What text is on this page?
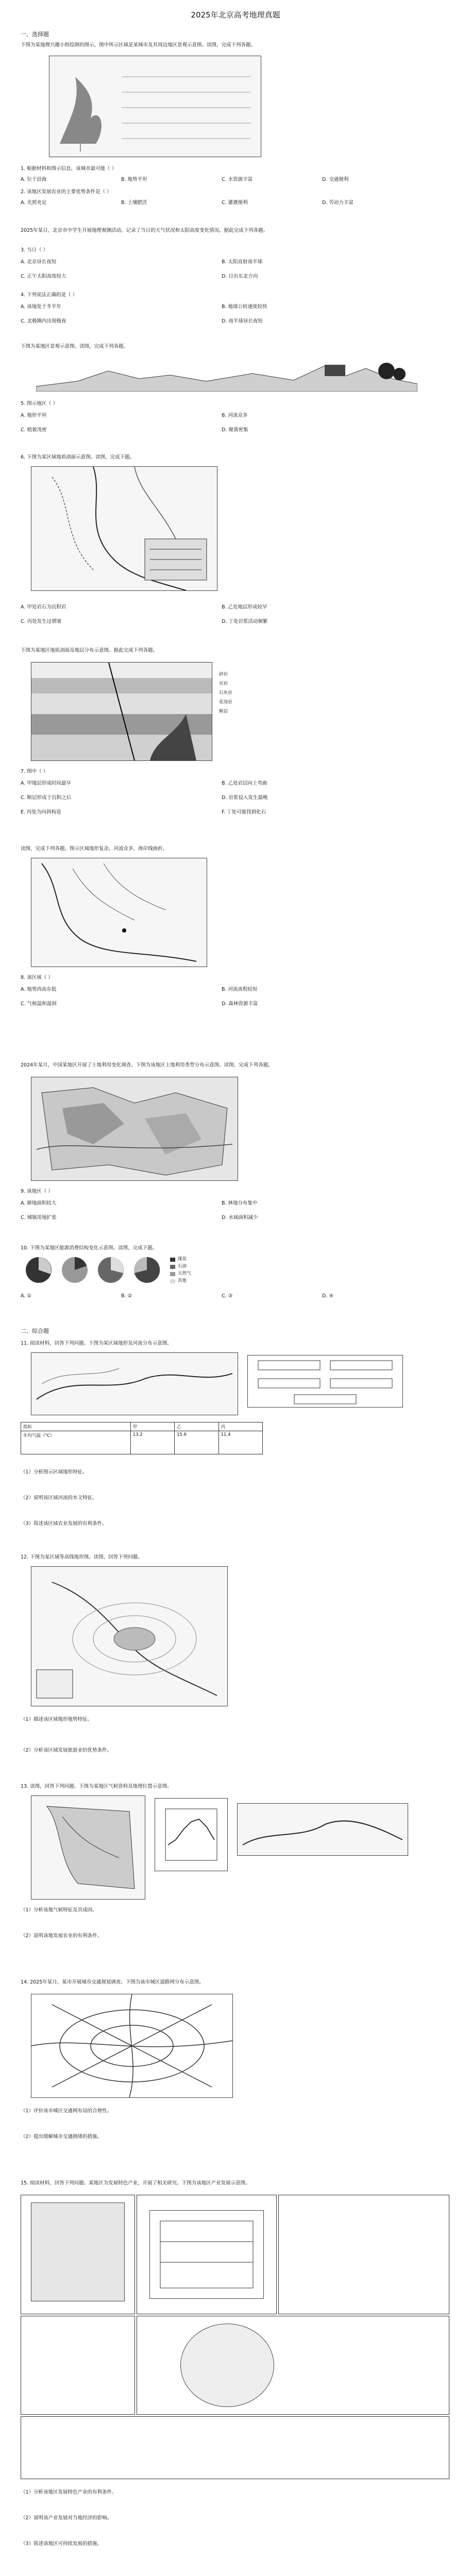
2025年北京高考地理真题
一、选择题
下图为某地理兴趣小组绘制的图示，图中所示区域是某城市及其周边地区景观示意图。读图，完成下列各题。
1. 根据材料和图示信息，该城市最可能（ ）
A. 位于沿海	B. 地势平坦	C. 水资源丰富	D. 交通便利
2. 该地区发展农业的主要优势条件是（ ）
A. 光照充足	B. 土壤肥沃	C. 灌溉便利	D. 劳动力丰富
2025年某日，北京市中学生开展地理观测活动，记录了当日的天气状况和太阳高度变化情况。据此完成下列各题。
3. 当日（ ）
A. 北京昼长夜短	B. 太阳直射南半球
C. 正午太阳高度较大	D. 日出东北方向
4. 下列说法正确的是（ ）
A. 该地处于冬半年	B. 地球公转速度较快
C. 北极圈内出现极夜	D. 南半球昼长夜短
下图为某地区景观示意图。读图，完成下列各题。
5. 图示地区（ ）
A. 地形平坦	B. 河流众多
C. 植被茂密	D. 聚落密集
6. 下图为某区域地质剖面示意图。读图，完成下题。
A. 甲处岩石为沉积岩	B. 乙处地层形成较早
C. 丙处发生过褶皱	D. 丁处岩浆活动频繁
下图为某地区地质剖面及地层分布示意图。据此完成下列各题。
砂岩
页岩
石灰岩
花岗岩
断层
7. 图中（ ）
A. 甲地层形成时间最早	B. 乙处岩层向上弯曲
C. 断层形成于沉积之后	D. 岩浆侵入发生最晚
E. 丙处为向斜构造	F. 丁处可能找到化石
读图，完成下列各题。图示区域地形复杂，河流众多，海岸线曲折。
8. 该区域（ ）
A. 地势西高东低	B. 河流流程较短
C. 气候温和湿润	D. 森林资源丰富
2024年某月，中国某地区开展了土地利用变化调查。下图为该地区土地利用类型分布示意图。读图，完成下列各题。
9. 该地区（ ）
A. 耕地面积较大	B. 林地分布集中
C. 城镇用地扩张	D. 水域面积减少
10. 下图为某地区能源消费结构变化示意图。读图，完成下题。
煤炭
石油
天然气
其他
A. ①	B. ②	C. ③	D. ④
二、综合题
11. 阅读材料，回答下列问题。下图为某区域地形及河流分布示意图。
指标	甲	乙	丙
年均气温（℃）	13.2	15.6	11.4
（1）分析图示区域地形特征。
（2）说明该区域河流的水文特征。
（3）简述该区域农业发展的有利条件。
12. 下图为某区域等高线地形图。读图，回答下列问题。
（1）描述该区域地形地势特征。
（2）分析该区域发展旅游业的优势条件。
13. 读图，回答下列问题。下图为某地区气候资料及地理位置示意图。
（1）分析该地气候特征及其成因。
（2）说明该地发展农业的有利条件。
14. 2025年某月，某市开展城市交通规划调查。下图为该市城区道路网分布示意图。
（1）评价该市城区交通网布局的合理性。
（2）提出缓解城市交通拥堵的措施。
15. 阅读材料，回答下列问题。某地区为发展特色产业，开展了相关研究。下图为该地区产业发展示意图。
（1）分析该地区发展特色产业的有利条件。
（2）说明该产业发展对当地经济的影响。
（3）简述该地区可持续发展的措施。
